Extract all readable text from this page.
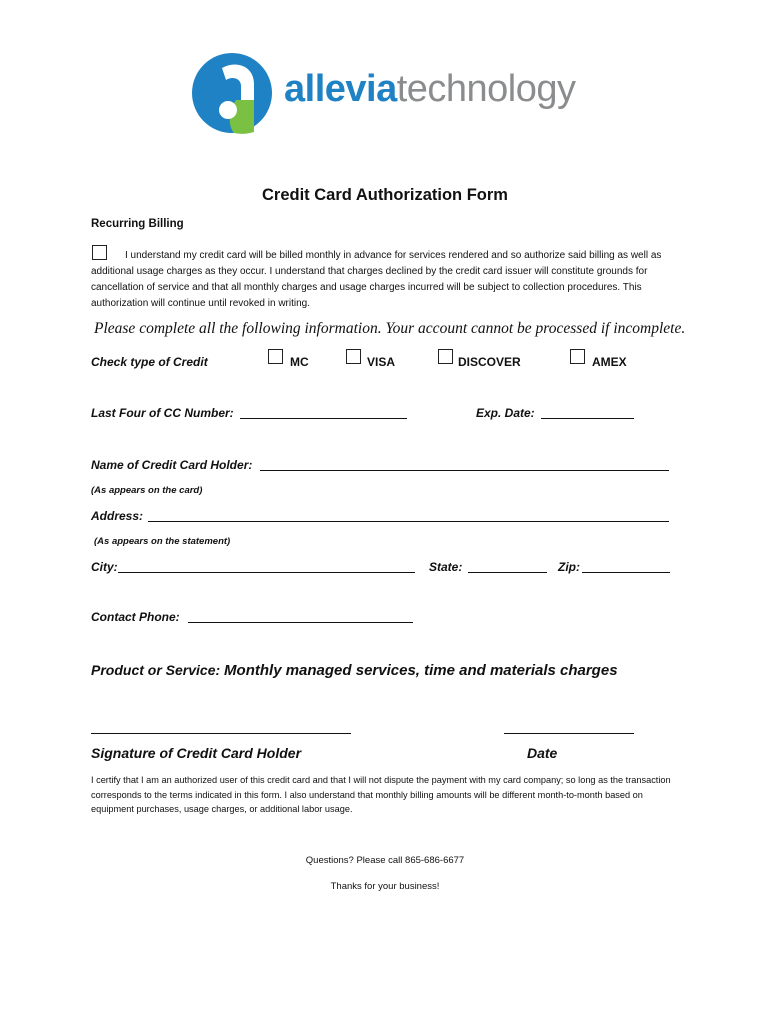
alleviatechnology
Credit Card Authorization Form
Recurring Billing
I understand my credit card will be billed monthly in advance for services rendered and so authorize said billing as well as additional usage charges as they occur. I understand that charges declined by the credit card issuer will constitute grounds for cancellation of service and that all monthly charges and usage charges incurred will be subject to collection procedures. This authorization will continue until revoked in writing.
Please complete all the following information. Your account cannot be processed if incomplete.
Check type of Credit	MC	VISA	DISCOVER	AMEX
Last Four of CC Number:	Exp. Date:
Name of Credit Card Holder:
(As appears on the card)
Address:
(As appears on the statement)
City:	State:	Zip:
Contact Phone:
Product or Service: Monthly managed services, time and materials charges
Signature of Credit Card Holder	Date
I certify that I am an authorized user of this credit card and that I will not dispute the payment with my card company; so long as the transaction corresponds to the terms indicated in this form. I also understand that monthly billing amounts will be different month-to-month based on equipment purchases, usage charges, or additional labor usage.
Questions? Please call 865-686-6677
Thanks for your business!
